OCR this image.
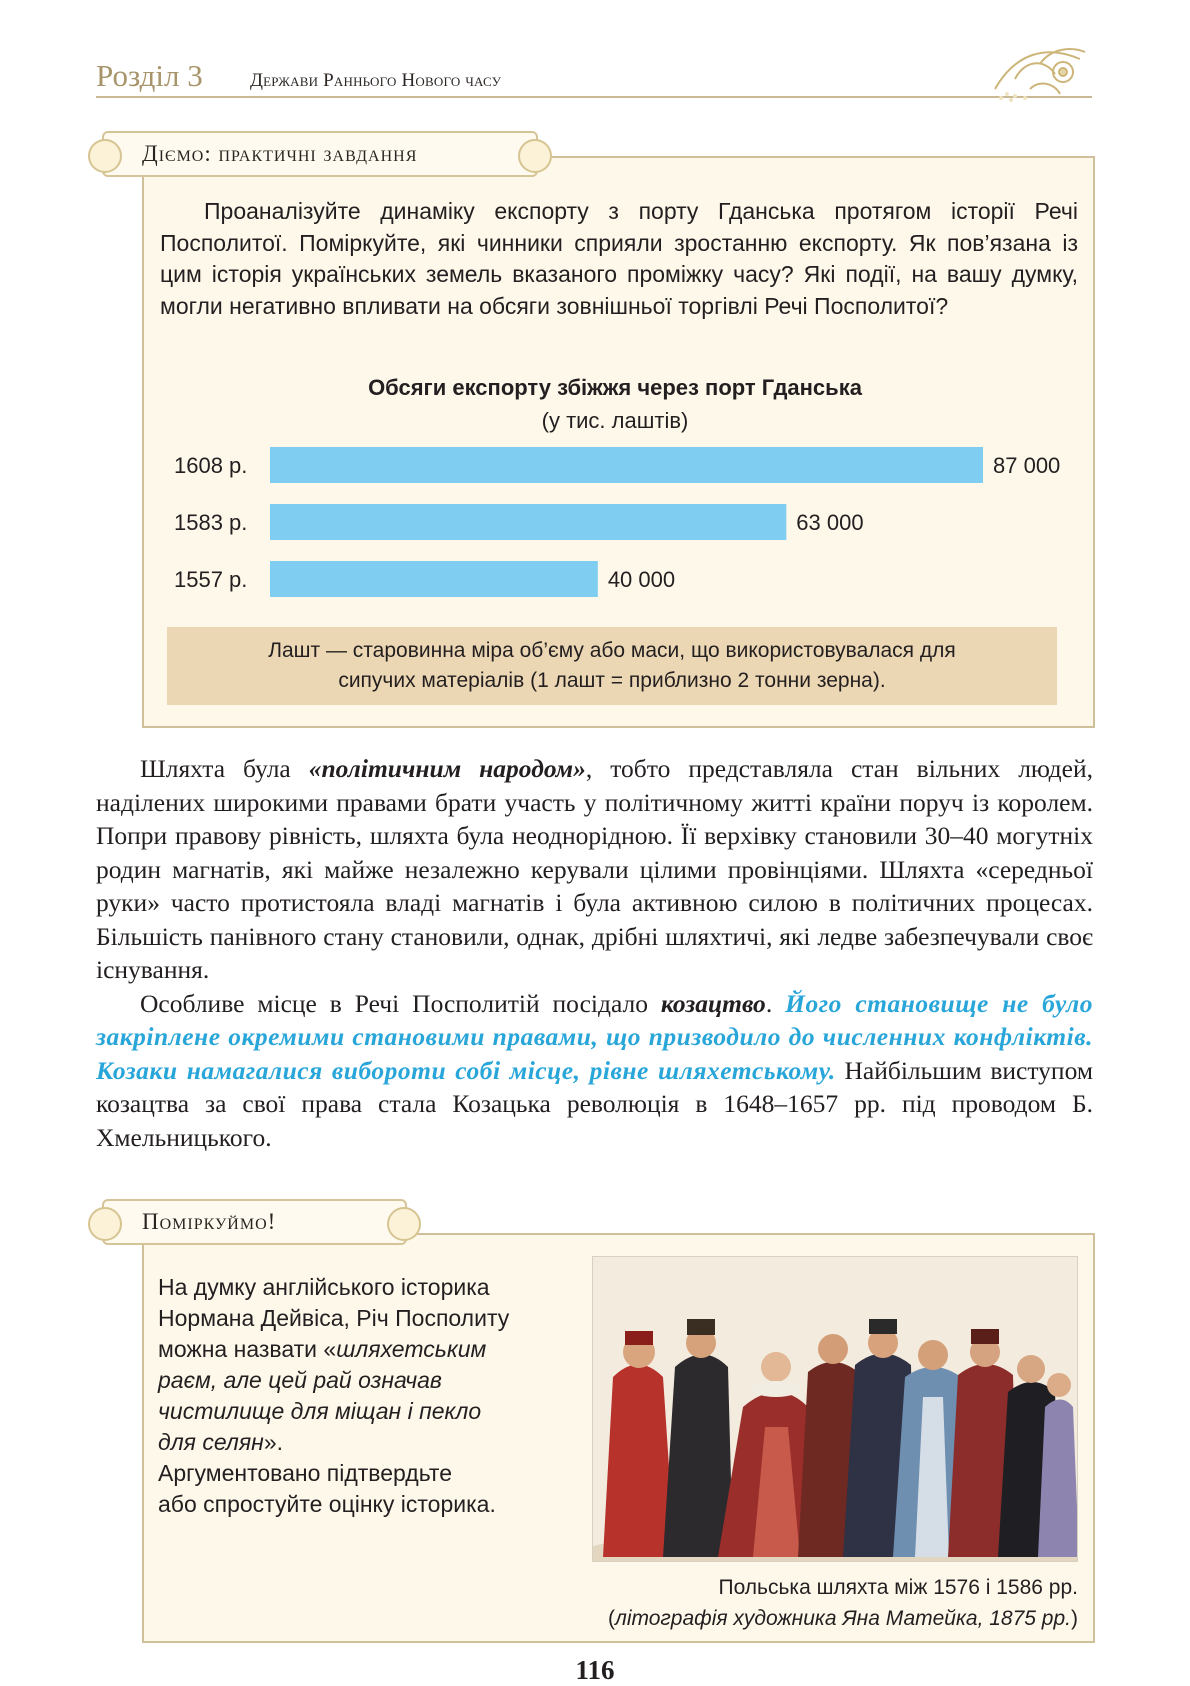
Розділ 3 Держави Раннього Нового часу
Діємо: практичні завдання

Проаналізуйте динаміку експорту з порту Гданська протягом історії Речі Посполитої. Поміркуйте, які чинники сприяли зростанню експорту. Як пов’язана із цим історія українських земель вказаного проміжку часу? Які події, на вашу думку, могли негативно впливати на обсяги зовнішньої торгівлі Речі Посполитої?

Обсяги експорту збіжжя через порт Гданська
(у тис. лаштів)
1608 р.	87 000
1583 р.	63 000
1557 р.	40 000
Лашт — старовинна міра об’єму або маси, що використовувалася для
сипучих матеріалів (1 лашт = приблизно 2 тонни зерна).

Шляхта була «політичним народом», тобто представляла стан вільних людей, наділених широкими правами брати участь у політичному житті країни поруч із королем. Попри правову рівність, шляхта була неоднорідною. Її верхівку становили 30–40 могутніх родин магнатів, які майже незалежно керували цілими провінціями. Шляхта «середньої руки» часто протистояла владі магнатів і була активною силою в політичних процесах. Більшість панівного стану становили, однак, дрібні шляхтичі, які ледве забезпечували своє існування.

Особливе місце в Речі Посполитій посідало козацтво. Його становище не було закріплене окремими становими правами, що призводило до численних конфліктів. Козаки намагалися вибороти собі місце, рівне шляхетському. Найбільшим виступом козацтва за свої права стала Козацька революція в 1648–1657 рр. під проводом Б. Хмельницького.

Поміркуймо!
На думку англійського історика
Нормана Дейвіса, Річ Посполиту
можна назвати «шляхетським
раєм, але цей рай означав
чистилище для міщан і пекло
для селян».
Аргументовано підтвердьте
або спростуйте оцінку історика.
Польська шляхта між 1576 і 1586 рр.
(літографія художника Яна Матейка, 1875 рр.)
116
